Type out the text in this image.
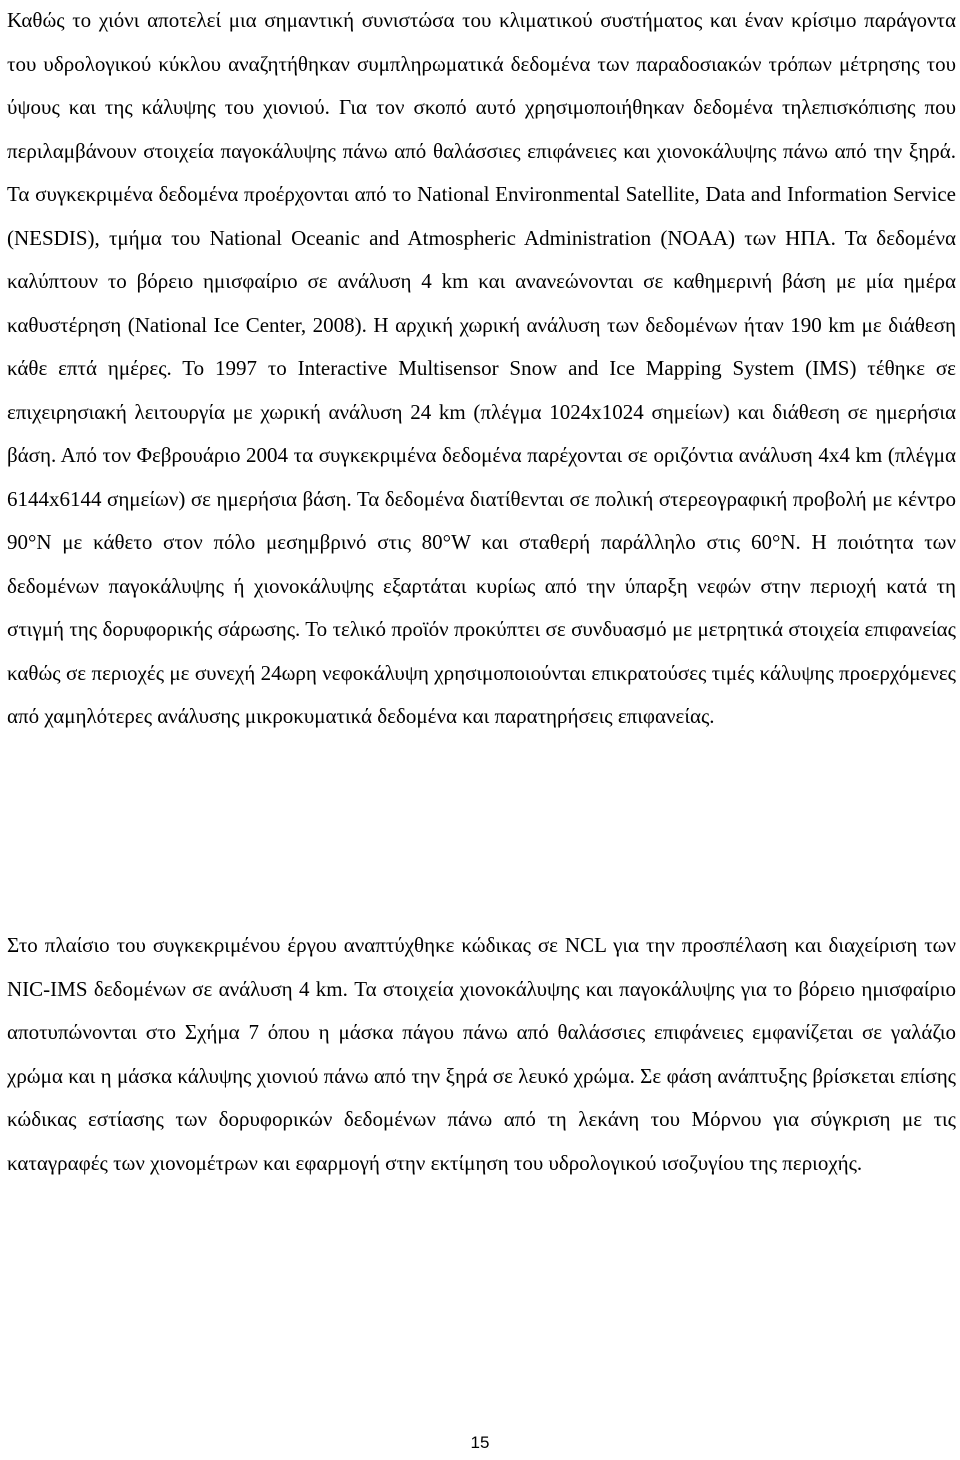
Καθώς το χιόνι αποτελεί μια σημαντική συνιστώσα του κλιματικού συστήματος και έναν κρίσιμο παράγοντα του υδρολογικού κύκλου αναζητήθηκαν συμπληρωματικά δεδομένα των παραδοσιακών τρόπων μέτρησης του ύψους και της κάλυψης του χιονιού. Για τον σκοπό αυτό χρησιμοποιήθηκαν δεδομένα τηλεπισκόπισης που περιλαμβάνουν στοιχεία παγοκάλυψης πάνω από θαλάσσιες επιφάνειες και χιονοκάλυψης πάνω από την ξηρά. Τα συγκεκριμένα δεδομένα προέρχονται από το National Environmental Satellite, Data and Information Service (NESDIS), τμήμα του National Oceanic and Atmospheric Administration (NOAA) των ΗΠΑ. Τα δεδομένα καλύπτουν το βόρειο ημισφαίριο σε ανάλυση 4 km και ανανεώνονται σε καθημερινή βάση με μία ημέρα καθυστέρηση (National Ice Center, 2008). Η αρχική χωρική ανάλυση των δεδομένων ήταν 190 km με διάθεση κάθε επτά ημέρες. Το 1997 το Interactive Multisensor Snow and Ice Mapping System (IMS) τέθηκε σε επιχειρησιακή λειτουργία με χωρική ανάλυση 24 km (πλέγμα 1024x1024 σημείων) και διάθεση σε ημερήσια βάση. Από τον Φεβρουάριο 2004 τα συγκεκριμένα δεδομένα παρέχονται σε οριζόντια ανάλυση 4x4 km (πλέγμα 6144x6144 σημείων) σε ημερήσια βάση. Τα δεδομένα διατίθενται σε πολική στερεογραφική προβολή με κέντρο 90°N με κάθετο στον πόλο μεσημβρινό στις 80°W και σταθερή παράλληλο στις 60°N. Η ποιότητα των δεδομένων παγοκάλυψης ή χιονοκάλυψης εξαρτάται κυρίως από την ύπαρξη νεφών στην περιοχή κατά τη στιγμή της δορυφορικής σάρωσης. Το τελικό προϊόν προκύπτει σε συνδυασμό με μετρητικά στοιχεία επιφανείας καθώς σε περιοχές με συνεχή 24ωρη νεφοκάλυψη χρησιμοποιούνται επικρατούσες τιμές κάλυψης προερχόμενες από χαμηλότερες ανάλυσης μικροκυματικά δεδομένα και παρατηρήσεις επιφανείας.

Στο πλαίσιο του συγκεκριμένου έργου αναπτύχθηκε κώδικας σε NCL για την προσπέλαση και διαχείριση των NIC-IMS δεδομένων σε ανάλυση 4 km. Τα στοιχεία χιονοκάλυψης και παγοκάλυψης για το βόρειο ημισφαίριο αποτυπώνονται στο Σχήμα 7 όπου η μάσκα πάγου πάνω από θαλάσσιες επιφάνειες εμφανίζεται σε γαλάζιο χρώμα και η μάσκα κάλυψης χιονιού πάνω από την ξηρά σε λευκό χρώμα. Σε φάση ανάπτυξης βρίσκεται επίσης κώδικας εστίασης των δορυφορικών δεδομένων πάνω από τη λεκάνη του Μόρνου για σύγκριση με τις καταγραφές των χιονομέτρων και εφαρμογή στην εκτίμηση του υδρολογικού ισοζυγίου της περιοχής.

15
